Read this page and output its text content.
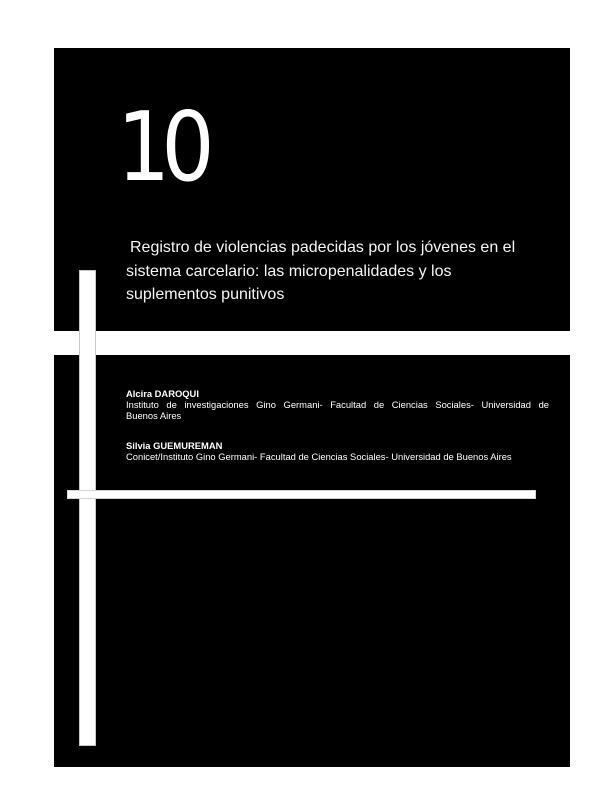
10
Registro de violencias padecidas por los jóvenes en el
sistema carcelario: las micropenalidades y los
suplementos punitivos
Alcira DAROQUI
Instituto de investigaciones Gino Germani- Facultad de Ciencias Sociales- Universidad de
Buenos Aires
Silvia GUEMUREMAN
Conicet/Instituto Gino Germani- Facultad de Ciencias Sociales- Universidad de Buenos Aires
